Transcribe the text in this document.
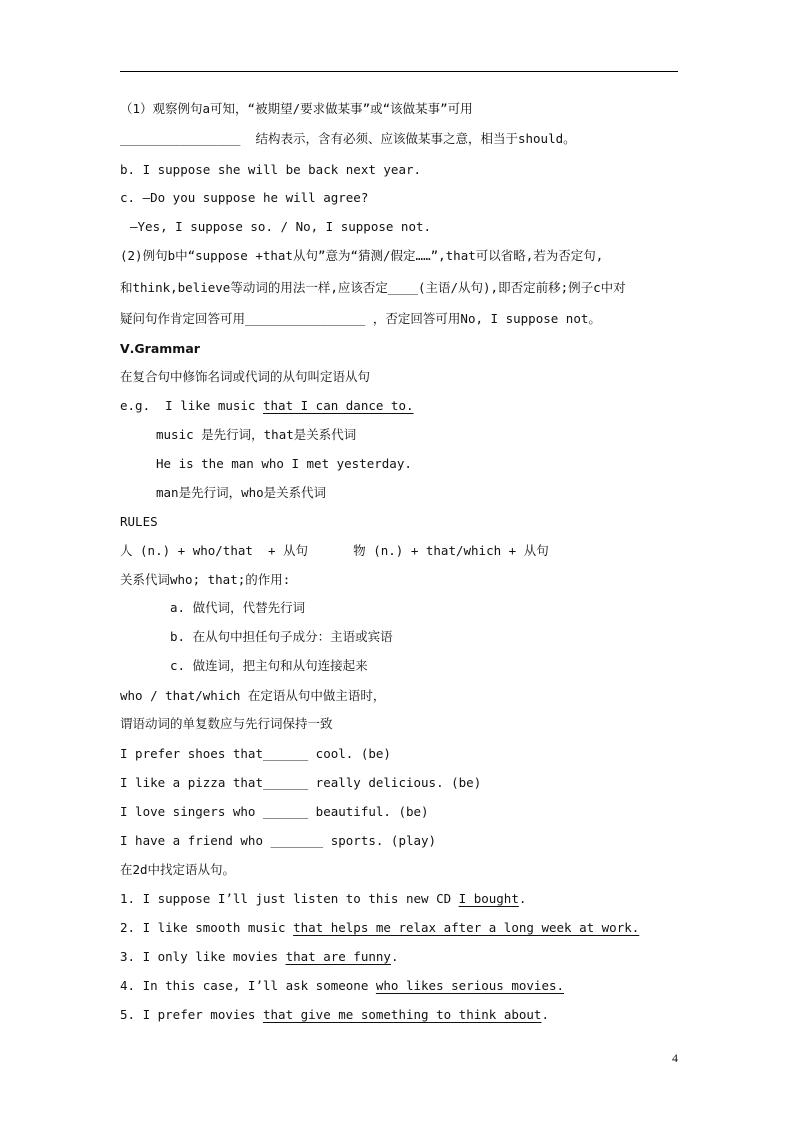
（1）观察例句a可知，“被期望/要求做某事”或“该做某事”可用
________________  结构表示，含有必须、应该做某事之意，相当于should。
b. I suppose she will be back next year.
c. —Do you suppose he will agree?
—Yes, I suppose so. / No, I suppose not.
(2)例句b中“suppose +that从句”意为“猜测/假定……”,that可以省略,若为否定句,
和think,believe等动词的用法一样,应该否定____(主语/从句),即否定前移;例子c中对
疑问句作肯定回答可用________________ ，否定回答可用No, I suppose not。
Ⅴ.Grammar
在复合句中修饰名词或代词的从句叫定语从句
e.g.  I like music that I can dance to.
music 是先行词，that是关系代词
He is the man who I met yesterday.
man是先行词，who是关系代词
RULES
人 (n.) + who/that  + 从句      物 (n.) + that/which + 从句
关系代词who; that;的作用:
a. 做代词，代替先行词
b. 在从句中担任句子成分：主语或宾语
c. 做连词，把主句和从句连接起来
who / that/which 在定语从句中做主语时，
谓语动词的单复数应与先行词保持一致
I prefer shoes that______ cool. (be)
I like a pizza that______ really delicious. (be)
I love singers who ______ beautiful. (be)
I have a friend who _______ sports. (play)
在2d中找定语从句。
1. I suppose I’ll just listen to this new CD I bought.
2. I like smooth music that helps me relax after a long week at work.
3. I only like movies that are funny.
4. In this case, I’ll ask someone who likes serious movies.
5. I prefer movies that give me something to think about.
4
